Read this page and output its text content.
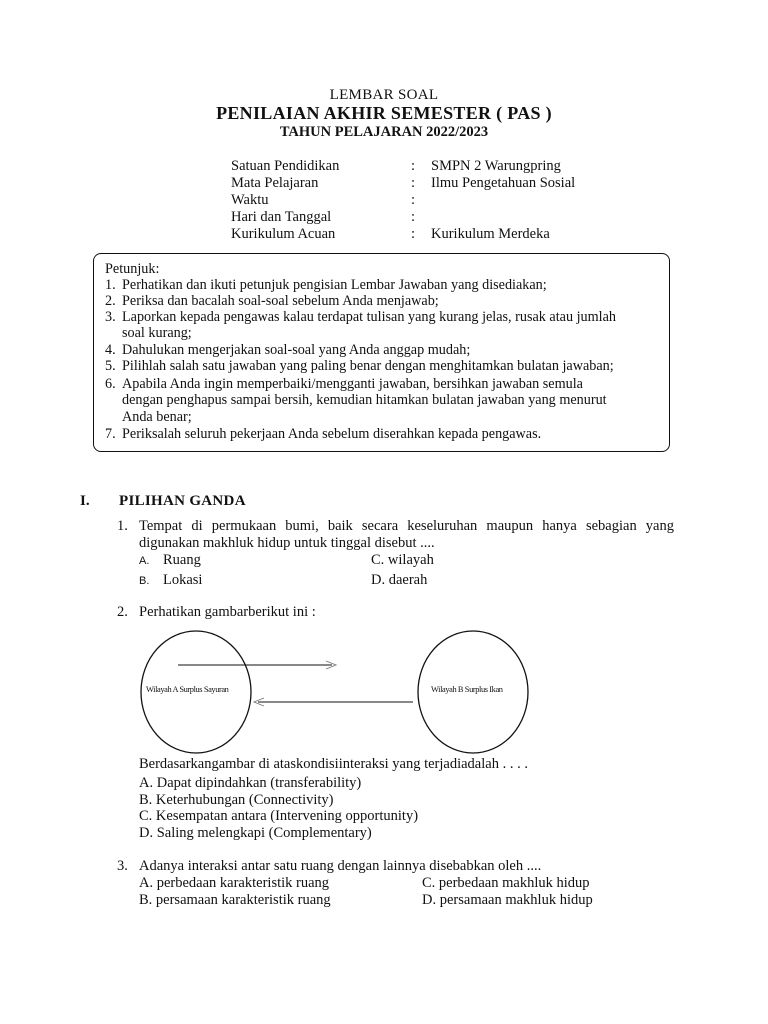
LEMBAR SOAL
PENILAIAN AKHIR SEMESTER ( PAS )
TAHUN PELAJARAN 2022/2023
Satuan Pendidikan	: SMPN 2 Warungpring
Mata Pelajaran	: Ilmu Pengetahuan Sosial
Waktu	:
Hari dan Tanggal	:
Kurikulum Acuan	: Kurikulum Merdeka
Petunjuk:
1. Perhatikan dan ikuti petunjuk pengisian Lembar Jawaban yang disediakan;
2. Periksa dan bacalah soal-soal sebelum Anda menjawab;
3. Laporkan kepada pengawas kalau terdapat tulisan yang kurang jelas, rusak atau jumlah
soal kurang;
4. Dahulukan mengerjakan soal-soal yang Anda anggap mudah;
5. Pilihlah salah satu jawaban yang paling benar dengan menghitamkan bulatan jawaban;
6. Apabila Anda ingin memperbaiki/mengganti jawaban, bersihkan jawaban semula
dengan penghapus sampai bersih, kemudian hitamkan bulatan jawaban yang menurut
Anda benar;
7. Periksalah seluruh pekerjaan Anda sebelum diserahkan kepada pengawas.
I. PILIHAN GANDA
1. Tempat di permukaan bumi, baik secara keseluruhan maupun hanya sebagian yang
digunakan makhluk hidup untuk tinggal disebut ....
A. Ruang
B. Lokasi
C. wilayah
D. daerah
2. Perhatikan gambarberikut ini :
Wilayah A Surplus Sayuran	Wilayah B Surplus Ikan
Berdasarkangambar di ataskondisiinteraksi yang terjadiadalah . . . .
A. Dapat dipindahkan (transferability)
B. Keterhubungan (Connectivity)
C. Kesempatan antara (Intervening opportunity)
D. Saling melengkapi (Complementary)
3. Adanya interaksi antar satu ruang dengan lainnya disebabkan oleh ....
A. perbedaan karakteristik ruang
B. persamaan karakteristik ruang
C. perbedaan makhluk hidup
D. persamaan makhluk hidup
